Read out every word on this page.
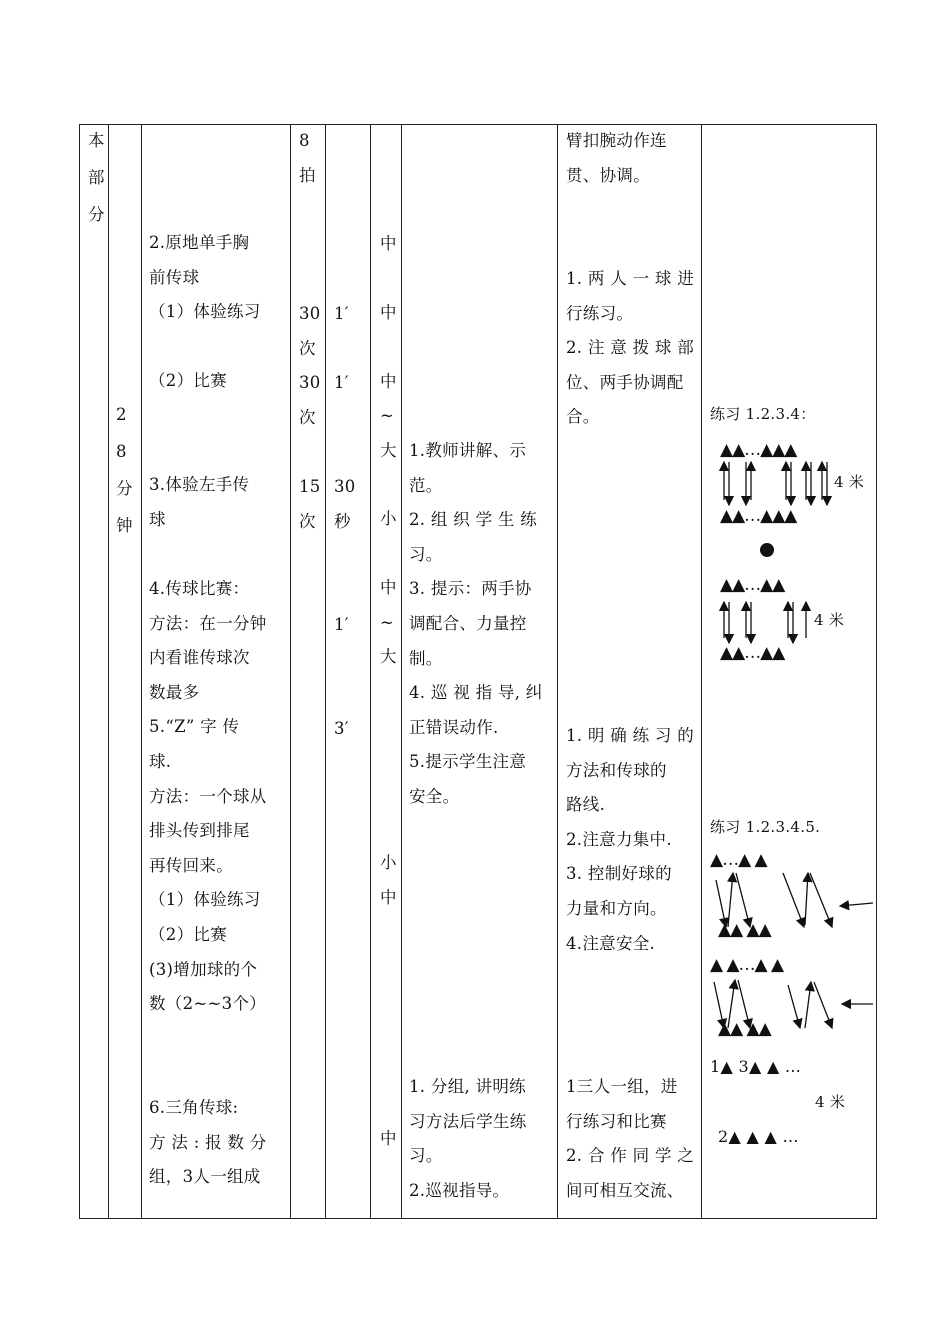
本
部
分
2
8
分
钟
2.原地单手胸
前传球
（1）体验练习
（2）比赛
3.体验左手传
球
4.传球比赛：
方法：在一分钟
内看谁传球次
数最多
5.“Z” 字 传
球.
方法：一个球从
排头传到排尾
再传回来。
（1）体验练习
（2）比赛
(3)增加球的个
数（2~~3个）
6.三角传球:
方 法 : 报 数 分
组，3人一组成
8
拍
30
次
30
次
15
次
1′
1′
30
秒
1′
3′
中
中
中
~
大
小
中
~
大
小
中
中
1.教师讲解、示
范。
2. 组 织 学 生 练
习。
3. 提示：两手协
调配合、力量控
制。
4. 巡 视 指 导, 纠
正错误动作.
5.提示学生注意
安全。
1. 分组, 讲明练
习方法后学生练
习。
2.巡视指导。
臂扣腕动作连
贯、协调。
1. 两 人 一 球 进
行练习。
2. 注 意 拨 球 部
位、两手协调配
合。
1. 明 确 练 习 的
方法和传球的
路线.
2.注意力集中.
3. 控制好球的
力量和方向。
4.注意安全.
1三人一组，进
行练习和比赛
2. 合 作 同 学 之
间可相互交流、
练习 1.2.3.4：
▲▲…▲▲▲
▲▲…▲▲▲
4 米
▲▲…▲▲
▲▲…▲▲
4 米
练习 1.2.3.4.5.
▲…▲ ▲
▲▲ ▲▲
▲ ▲…▲ ▲
▲▲ ▲▲
1▲ 3▲ ▲ …
4 米
2▲ ▲ ▲ …
